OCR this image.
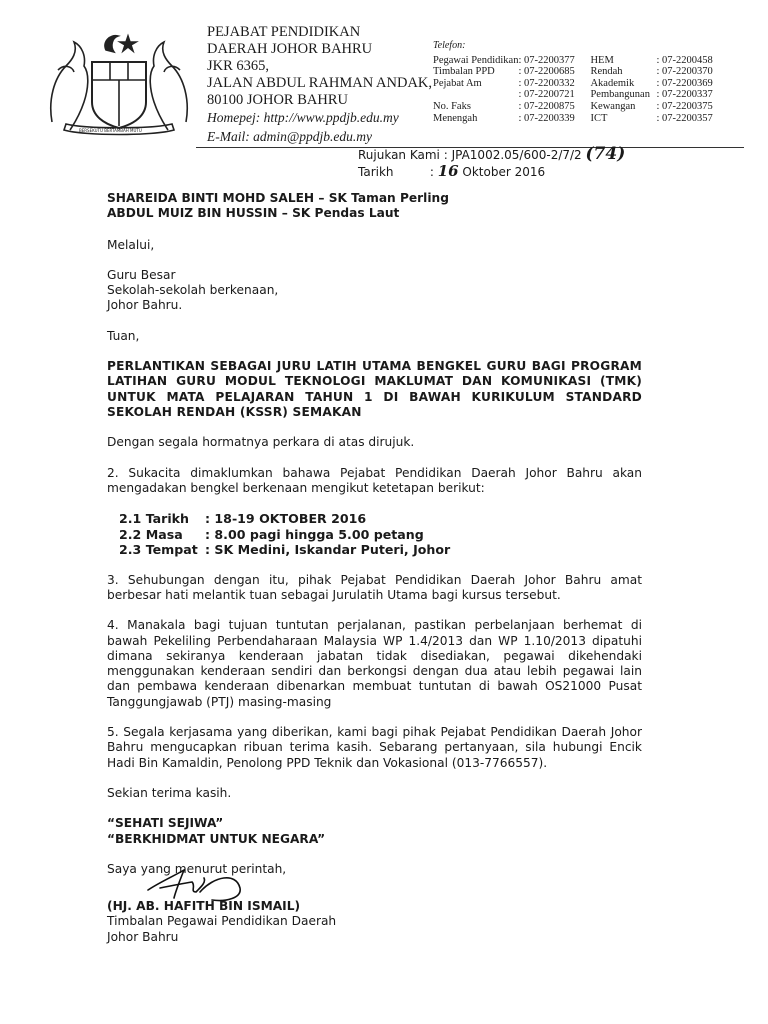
BERSEKUTU BERTAMBAH MUTU
PEJABAT PENDIDIKAN
DAERAH JOHOR BAHRU
JKR 6365,
JALAN ABDUL RAHMAN ANDAK,
80100 JOHOR BAHRU
Homepej: http://www.ppdjb.edu.my
E-Mail: admin@ppdjb.edu.my
Telefon:
Pegawai Pendidikan	: 07-2200377	HEM	: 07-2200458
Timbalan PPD	: 07-2200685	Rendah	: 07-2200370
Pejabat Am	: 07-2200332	Akademik	: 07-2200369
	: 07-2200721	Pembangunan	: 07-2200337
No. Faks	: 07-2200875	Kewangan	: 07-2200375
Menengah	: 07-2200339	ICT	: 07-2200357
Rujukan Kami : JPA1002.05/600-2/7/2 (74)
Tarikh	: 16 Oktober 2016
SHAREIDA BINTI MOHD SALEH – SK Taman Perling
ABDUL MUIZ BIN HUSSIN – SK Pendas Laut
Melalui,
Guru Besar
Sekolah-sekolah berkenaan,
Johor Bahru.
Tuan,
PERLANTIKAN SEBAGAI JURU LATIH UTAMA BENGKEL GURU BAGI PROGRAM LATIHAN GURU MODUL TEKNOLOGI MAKLUMAT DAN KOMUNIKASI (TMK) UNTUK MATA PELAJARAN TAHUN 1 DI BAWAH KURIKULUM STANDARD SEKOLAH RENDAH (KSSR) SEMAKAN
Dengan segala hormatnya perkara di atas dirujuk.
2. Sukacita dimaklumkan bahawa Pejabat Pendidikan Daerah Johor Bahru akan mengadakan bengkel berkenaan mengikut ketetapan berikut:
2.1 Tarikh : 18-19 OKTOBER 2016
2.2 Masa : 8.00 pagi hingga 5.00 petang
2.3 Tempat : SK Medini, Iskandar Puteri, Johor
3. Sehubungan dengan itu, pihak Pejabat Pendidikan Daerah Johor Bahru amat berbesar hati melantik tuan sebagai Jurulatih Utama bagi kursus tersebut.
4. Manakala bagi tujuan tuntutan perjalanan, pastikan perbelanjaan berhemat di bawah Pekeliling Perbendaharaan Malaysia WP 1.4/2013 dan WP 1.10/2013 dipatuhi dimana sekiranya kenderaan jabatan tidak disediakan, pegawai dikehendaki menggunakan kenderaan sendiri dan berkongsi dengan dua atau lebih pegawai lain dan pembawa kenderaan dibenarkan membuat tuntutan di bawah OS21000 Pusat Tanggungjawab (PTJ) masing-masing
5. Segala kerjasama yang diberikan, kami bagi pihak Pejabat Pendidikan Daerah Johor Bahru mengucapkan ribuan terima kasih. Sebarang pertanyaan, sila hubungi Encik Hadi Bin Kamaldin, Penolong PPD Teknik dan Vokasional (013-7766557).
Sekian terima kasih.
“SEHATI SEJIWA”
“BERKHIDMAT UNTUK NEGARA”
Saya yang menurut perintah,
(HJ. AB. HAFITH BIN ISMAIL)
Timbalan Pegawai Pendidikan Daerah
Johor Bahru
